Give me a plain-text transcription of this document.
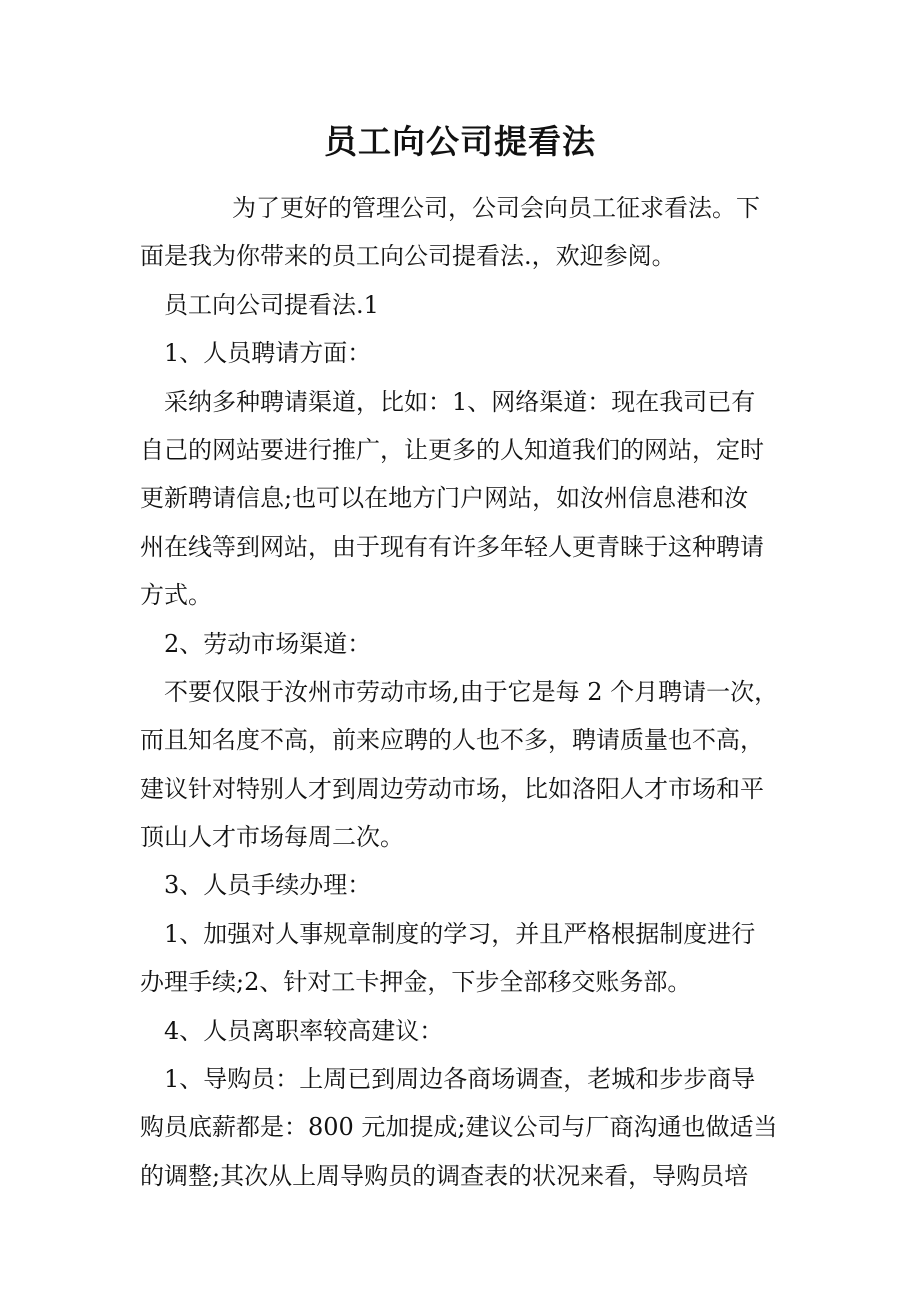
员工向公司提看法
为了更好的管理公司，公司会向员工征求看法。下
面是我为你带来的员工向公司提看法.，欢迎参阅。
员工向公司提看法.1
1、人员聘请方面：
采纳多种聘请渠道，比如：1、网络渠道：现在我司已有
自己的网站要进行推广，让更多的人知道我们的网站，定时
更新聘请信息;也可以在地方门户网站，如汝州信息港和汝
州在线等到网站，由于现有有许多年轻人更青睐于这种聘请
方式。
2、劳动市场渠道：
不要仅限于汝州市劳动市场,由于它是每 2 个月聘请一次，
而且知名度不高，前来应聘的人也不多，聘请质量也不高，
建议针对特别人才到周边劳动市场，比如洛阳人才市场和平
顶山人才市场每周二次。
3、人员手续办理：
1、加强对人事规章制度的学习，并且严格根据制度进行
办理手续;2、针对工卡押金，下步全部移交账务部。
4、人员离职率较高建议：
1、导购员：上周已到周边各商场调查，老城和步步商导
购员底薪都是：800 元加提成;建议公司与厂商沟通也做适当
的调整;其次从上周导购员的调查表的状况来看，导购员培
